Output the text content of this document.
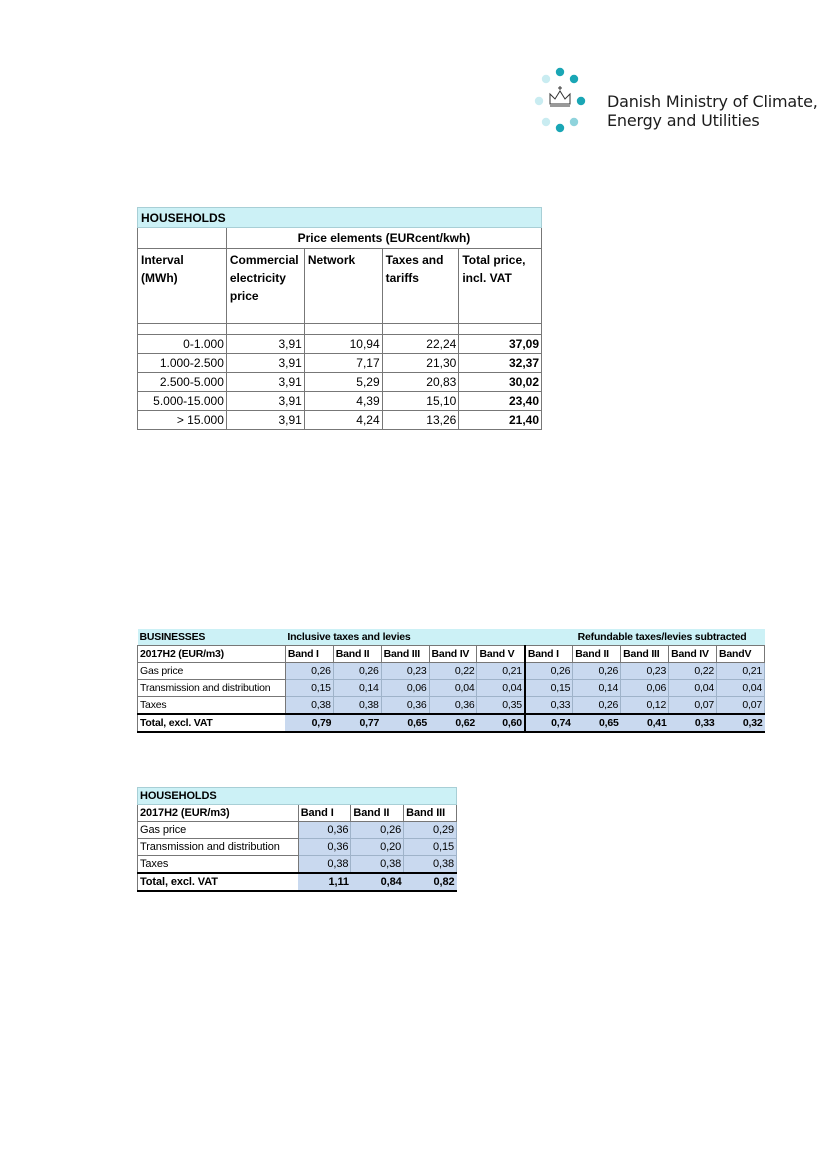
Danish Ministry of Climate,
Energy and Utilities
HOUSEHOLDS				
	Price elements (EURcent/kwh)			
Interval (MWh)	Commercial electricity price	Network	Taxes and tariffs	Total price, incl. VAT

0-1.000	3,91	10,94	22,24	37,09
1.000-2.500	3,91	7,17	21,30	32,37
2.500-5.000	3,91	5,29	20,83	30,02
5.000-15.000	3,91	4,39	15,10	23,40
> 15.000	3,91	4,24	13,26	21,40
BUSINESSES	Inclusive taxes and levies					Refundable taxes/levies subtracted				
2017H2 (EUR/m3)	Band I	Band II	Band III	Band IV	Band V	Band I	Band II	Band III	Band IV	BandV
Gas price	0,26	0,26	0,23	0,22	0,21	0,26	0,26	0,23	0,22	0,21
Transmission and distribution	0,15	0,14	0,06	0,04	0,04	0,15	0,14	0,06	0,04	0,04
Taxes	0,38	0,38	0,36	0,36	0,35	0,33	0,26	0,12	0,07	0,07
Total, excl. VAT	0,79	0,77	0,65	0,62	0,60	0,74	0,65	0,41	0,33	0,32
HOUSEHOLDS			
2017H2 (EUR/m3)	Band I	Band II	Band III
Gas price	0,36	0,26	0,29
Transmission and distribution	0,36	0,20	0,15
Taxes	0,38	0,38	0,38
Total, excl. VAT	1,11	0,84	0,82
